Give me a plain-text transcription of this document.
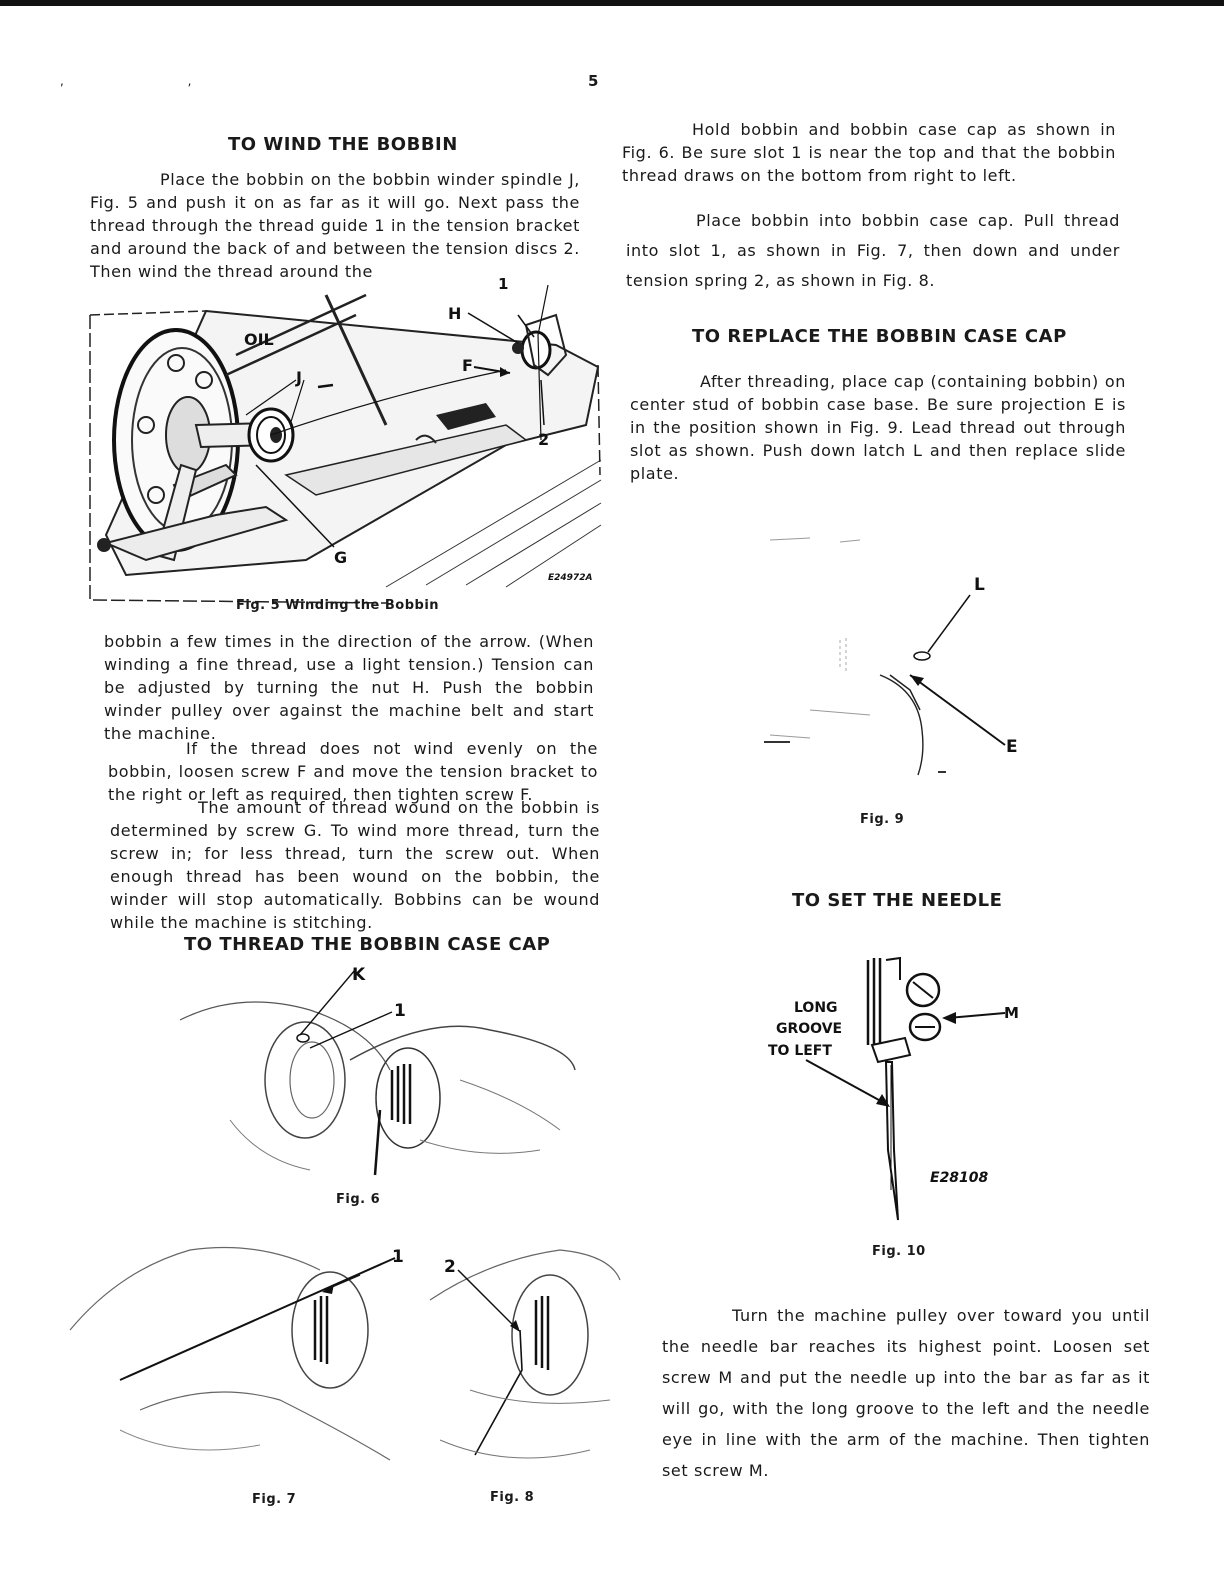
, ,	5
TO WIND THE BOBBIN

Place the bobbin on the bobbin winder spindle J, Fig. 5 and push it on as far as it will go. Next pass the thread through the thread guide 1 in the tension bracket and around the back of and between the tension discs 2. Then wind the thread around the

OIL
J
H
F
1
2
G
E24972A
Fig. 5 Winding the Bobbin

bobbin a few times in the direction of the arrow. (When winding a fine thread, use a light tension.) Tension can be adjusted by turning the nut H. Push the bobbin winder pulley over against the machine belt and start the machine.

If the thread does not wind evenly on the bobbin, loosen screw F and move the tension bracket to the right or left as required, then tighten screw F.

The amount of thread wound on the bobbin is determined by screw G. To wind more thread, turn the screw in; for less thread, turn the screw out. When enough thread has been wound on the bobbin, the winder will stop automatically. Bobbins can be wound while the machine is stitching.

TO THREAD THE BOBBIN CASE CAP
K
1
Fig. 6
1
Fig. 7
2
Fig. 8

Hold bobbin and bobbin case cap as shown in Fig. 6. Be sure slot 1 is near the top and that the bobbin thread draws on the bottom from right to left.

Place bobbin into bobbin case cap. Pull thread into slot 1, as shown in Fig. 7, then down and under tension spring 2, as shown in Fig. 8.

TO REPLACE THE BOBBIN CASE CAP

After threading, place cap (containing bobbin) on center stud of bobbin case base. Be sure projection E is in the position shown in Fig. 9. Lead thread out through slot as shown. Push down latch L and then replace slide plate.

L
E
Fig. 9
TO SET THE NEEDLE
LONG
GROOVE
TO LEFT
M
E28108
Fig. 10

Turn the machine pulley over toward you until the needle bar reaches its highest point. Loosen set screw M and put the needle up into the bar as far as it will go, with the long groove to the left and the needle eye in line with the arm of the machine. Then tighten set screw M.
